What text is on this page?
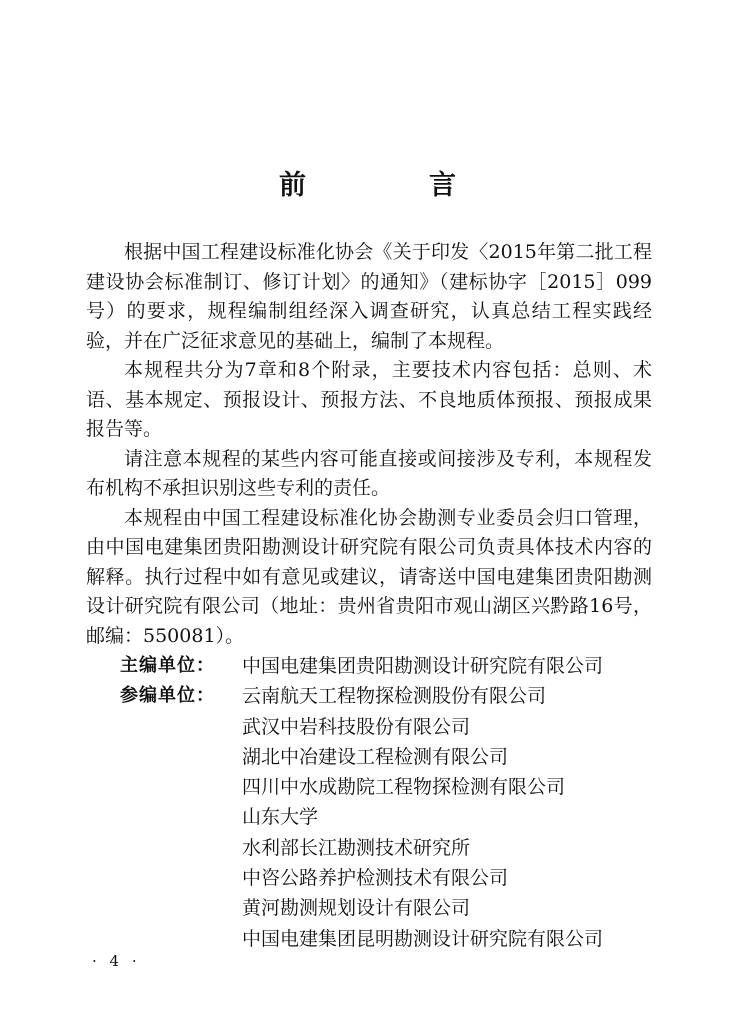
前　言

根据中国工程建设标准化协会《关于印发〈2015年第二批工程建设协会标准制订、修订计划〉的通知》（建标协字［2015］099号）的要求，规程编制组经深入调查研究，认真总结工程实践经验，并在广泛征求意见的基础上，编制了本规程。

本规程共分为7章和8个附录，主要技术内容包括：总则、术语、基本规定、预报设计、预报方法、不良地质体预报、预报成果报告等。

请注意本规程的某些内容可能直接或间接涉及专利，本规程发布机构不承担识别这些专利的责任。

本规程由中国工程建设标准化协会勘测专业委员会归口管理，由中国电建集团贵阳勘测设计研究院有限公司负责具体技术内容的解释。执行过程中如有意见或建议，请寄送中国电建集团贵阳勘测设计研究院有限公司（地址：贵州省贵阳市观山湖区兴黔路16号，邮编：550081）。

主编单位：	中国电建集团贵阳勘测设计研究院有限公司
参编单位：	云南航天工程物探检测股份有限公司
武汉中岩科技股份有限公司
湖北中冶建设工程检测有限公司
四川中水成勘院工程物探检测有限公司
山东大学
水利部长江勘测技术研究所
中咨公路养护检测技术有限公司
黄河勘测规划设计有限公司
中国电建集团昆明勘测设计研究院有限公司
· 4 ·
